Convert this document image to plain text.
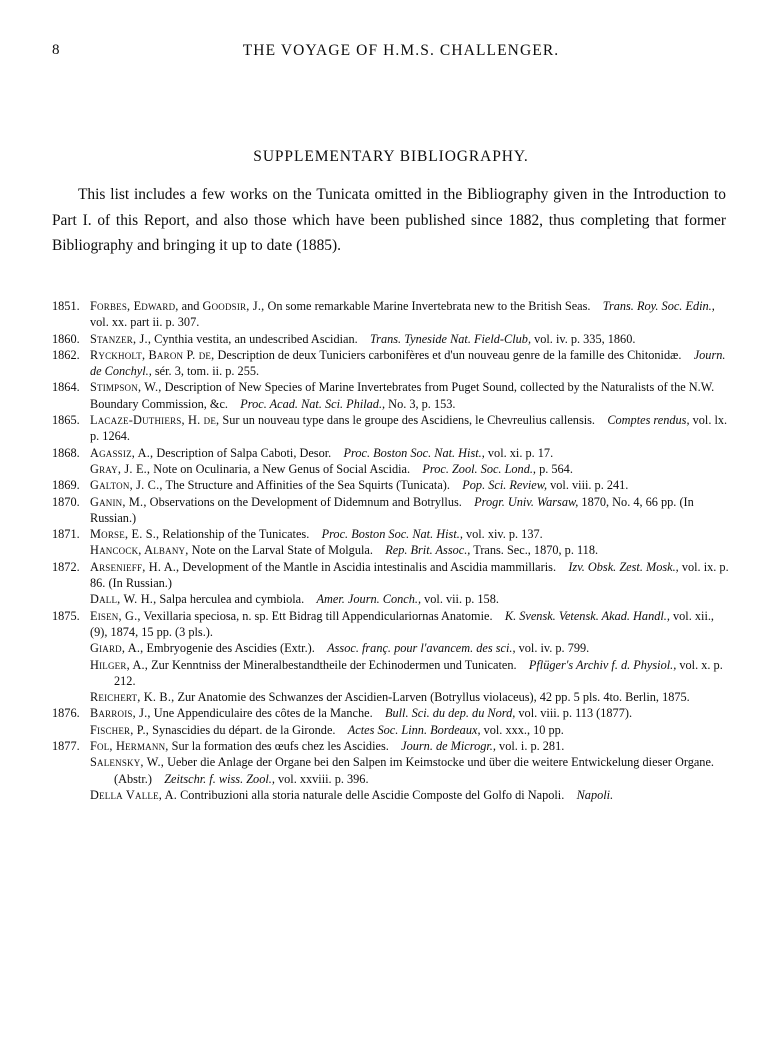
8	THE VOYAGE OF H.M.S. CHALLENGER.
SUPPLEMENTARY BIBLIOGRAPHY.
This list includes a few works on the Tunicata omitted in the Bibliography given in the Introduction to Part I. of this Report, and also those which have been published since 1882, thus completing that former Bibliography and bringing it up to date (1885).
1851. Forbes, Edward, and Goodsir, J., On some remarkable Marine Invertebrata new to the British Seas.  Trans. Roy. Soc. Edin., vol. xx. part ii. p. 307.
1860. Stanzer, J., Cynthia vestita, an undescribed Ascidian.  Trans. Tyneside Nat. Field-Club, vol. iv. p. 335, 1860.
1862. Ryckholt, Baron P. de, Description de deux Tuniciers carbonifères et d'un nouveau genre de la famille des Chitonidæ.  Journ. de Conchyl., sér. 3, tom. ii. p. 255.
1864. Stimpson, W., Description of New Species of Marine Invertebrates from Puget Sound, collected by the Naturalists of the N.W. Boundary Commission, &c.  Proc. Acad. Nat. Sci. Philad., No. 3, p. 153.
1865. Lacaze-Duthiers, H. de, Sur un nouveau type dans le groupe des Ascidiens, le Chevreulius callensis.  Comptes rendus, vol. lx. p. 1264.
1868. Agassiz, A., Description of Salpa Caboti, Desor.  Proc. Boston Soc. Nat. Hist., vol. xi. p. 17.
Gray, J. E., Note on Oculinaria, a New Genus of Social Ascidia.  Proc. Zool. Soc. Lond., p. 564.
1869. Galton, J. C., The Structure and Affinities of the Sea Squirts (Tunicata).  Pop. Sci. Review, vol. viii. p. 241.
1870. Ganin, M., Observations on the Development of Didemnum and Botryllus.  Progr. Univ. Warsaw, 1870, No. 4, 66 pp. (In Russian.)
1871. Morse, E. S., Relationship of the Tunicates.  Proc. Boston Soc. Nat. Hist., vol. xiv. p. 137.
Hancock, Albany, Note on the Larval State of Molgula.  Rep. Brit. Assoc., Trans. Sec., 1870, p. 118.
1872. Arsenieff, H. A., Development of the Mantle in Ascidia intestinalis and Ascidia mammillaris.  Izv. Obsk. Zest. Mosk., vol. ix. p. 86. (In Russian.)
Dall, W. H., Salpa herculea and cymbiola.  Amer. Journ. Conch., vol. vii. p. 158.
1875. Eisen, G., Vexillaria speciosa, n. sp. Ett Bidrag till Appendiculariornas Anatomie.  K. Svensk. Vetensk. Akad. Handl., vol. xii., (9), 1874, 15 pp. (3 pls.).
Giard, A., Embryogenie des Ascidies (Extr.).  Assoc. franç. pour l'avancem. des sci., vol. iv. p. 799.
Hilger, A., Zur Kenntniss der Mineralbestandtheile der Echinodermen und Tunicaten.  Pflüger's Archiv f. d. Physiol., vol. x. p. 212.
Reichert, K. B., Zur Anatomie des Schwanzes der Ascidien-Larven (Botryllus violaceus), 42 pp. 5 pls. 4to. Berlin, 1875.
1876. Barrois, J., Une Appendiculaire des côtes de la Manche.  Bull. Sci. du dep. du Nord, vol. viii. p. 113 (1877).
Fischer, P., Synascidies du départ. de la Gironde.  Actes Soc. Linn. Bordeaux, vol. xxx., 10 pp.
1877. Fol, Hermann, Sur la formation des œufs chez les Ascidies.  Journ. de Microgr., vol. i. p. 281.
Salensky, W., Ueber die Anlage der Organe bei den Salpen im Keimstocke und über die weitere Entwickelung dieser Organe. (Abstr.)  Zeitschr. f. wiss. Zool., vol. xxviii. p. 396.
Della Valle, A. Contribuzioni alla storia naturale delle Ascidie Composte del Golfo di Napoli.  Napoli.
